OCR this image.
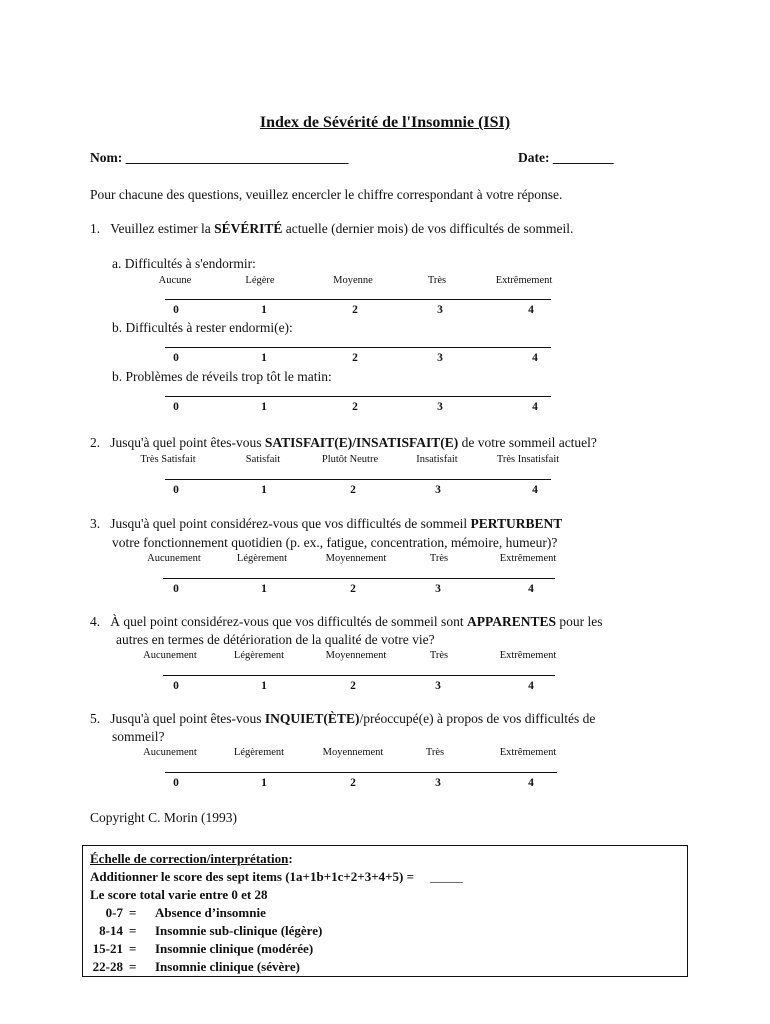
Index de Sévérité de l'Insomnie (ISI)
Nom: _________________________________	Date: _________
Pour chacune des questions, veuillez encercler le chiffre correspondant à votre réponse.
1. Veuillez estimer la SÉVÉRITÉ actuelle (dernier mois) de vos difficultés de sommeil.
a. Difficultés à s'endormir:
Aucune	Légère	Moyenne	Très	Extrêmement
0	1	2	3	4
b. Difficultés à rester endormi(e):
0	1	2	3	4
b. Problèmes de réveils trop tôt le matin:
0	1	2	3	4
2. Jusqu'à quel point êtes-vous SATISFAIT(E)/INSATISFAIT(E) de votre sommeil actuel?
Très Satisfait	Satisfait	Plutôt Neutre	Insatisfait	Très Insatisfait
0	1	2	3	4
3. Jusqu'à quel point considérez-vous que vos difficultés de sommeil PERTURBENT
votre fonctionnement quotidien (p. ex., fatigue, concentration, mémoire, humeur)?
Aucunement	Légèrement	Moyennement	Très	Extrêmement
0	1	2	3	4
4. À quel point considérez-vous que vos difficultés de sommeil sont APPARENTES pour les
autres en termes de détérioration de la qualité de votre vie?
Aucunement	Légèrement	Moyennement	Très	Extrêmement
0	1	2	3	4
5. Jusqu'à quel point êtes-vous INQUIET(ÈTE)/préoccupé(e) à propos de vos difficultés de
sommeil?
Aucunement	Légèrement	Moyennement	Très	Extrêmement
0	1	2	3	4
Copyright C. Morin (1993)
Échelle de correction/interprétation:
Additionner le score des sept items (1a+1b+1c+2+3+4+5) = _____
Le score total varie entre 0 et 28
0-7 = Absence d’insomnie
8-14 = Insomnie sub-clinique (légère)
15-21 = Insomnie clinique (modérée)
22-28 = Insomnie clinique (sévère)
